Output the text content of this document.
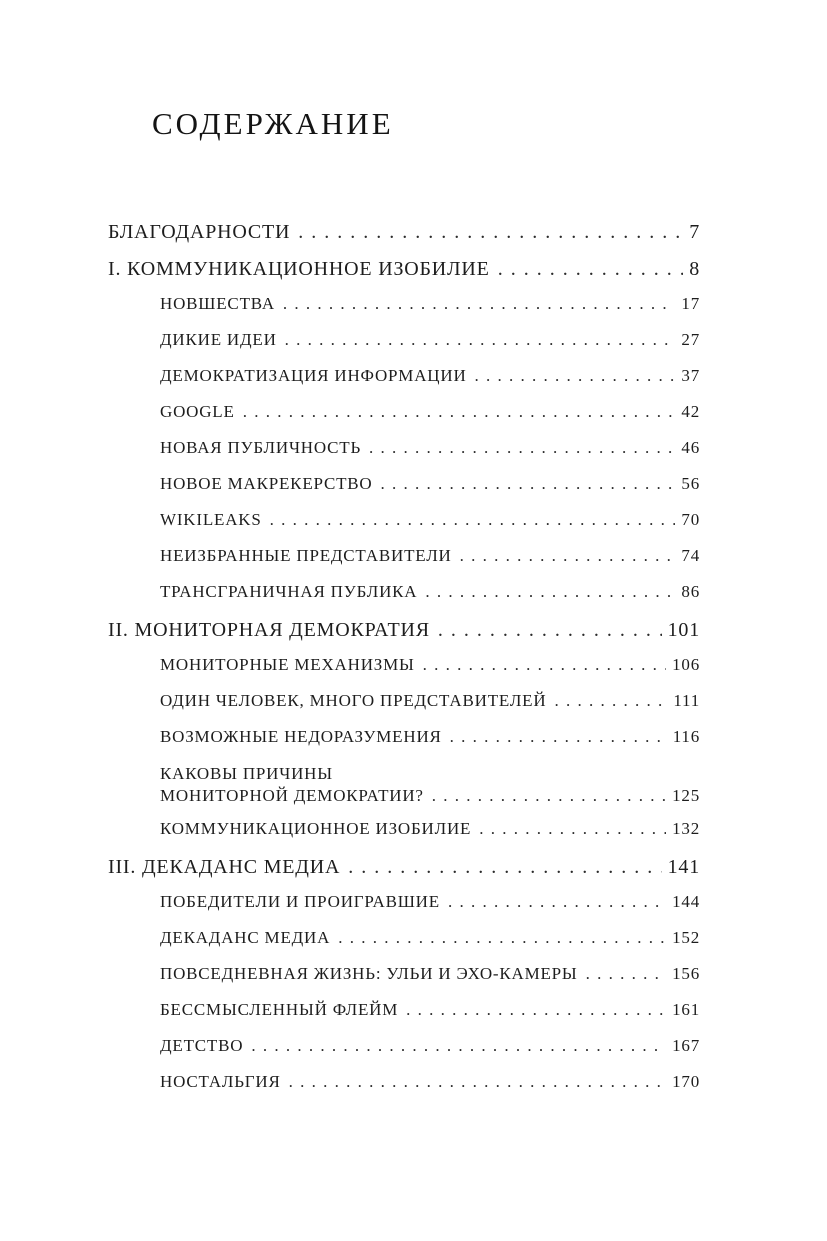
СОДЕРЖАНИЕ
БЛАГОДАРНОСТИ . . .	7
I. КОММУНИКАЦИОННОЕ ИЗОБИЛИЕ . . .	8
НОВШЕСТВА . . .	17
ДИКИЕ ИДЕИ . . .	27
ДЕМОКРАТИЗАЦИЯ ИНФОРМАЦИИ . . .	37
GOOGLE . . .	42
НОВАЯ ПУБЛИЧНОСТЬ . . .	46
НОВОЕ МАКРЕКЕРСТВО . . .	56
WIKILEAKS . . .	70
НЕИЗБРАННЫЕ ПРЕДСТАВИТЕЛИ . . .	74
ТРАНСГРАНИЧНАЯ ПУБЛИКА . . .	86
II. МОНИТОРНАЯ ДЕМОКРАТИЯ . . .	101
МОНИТОРНЫЕ МЕХАНИЗМЫ . . .	106
ОДИН ЧЕЛОВЕК, МНОГО ПРЕДСТАВИТЕЛЕЙ . . .	111
ВОЗМОЖНЫЕ НЕДОРАЗУМЕНИЯ . . .	116
КАКОВЫ ПРИЧИНЫ
МОНИТОРНОЙ ДЕМОКРАТИИ? . . .	125
КОММУНИКАЦИОННОЕ ИЗОБИЛИЕ . . .	132
III. ДЕКАДАНС МЕДИА . . .	141
ПОБЕДИТЕЛИ И ПРОИГРАВШИЕ . . .	144
ДЕКАДАНС МЕДИА . . .	152
ПОВСЕДНЕВНАЯ ЖИЗНЬ: УЛЬИ И ЭХО-КАМЕРЫ . . .	156
БЕССМЫСЛЕННЫЙ ФЛЕЙМ . . .	161
ДЕТСТВО . . .	167
НОСТАЛЬГИЯ . . .	170
